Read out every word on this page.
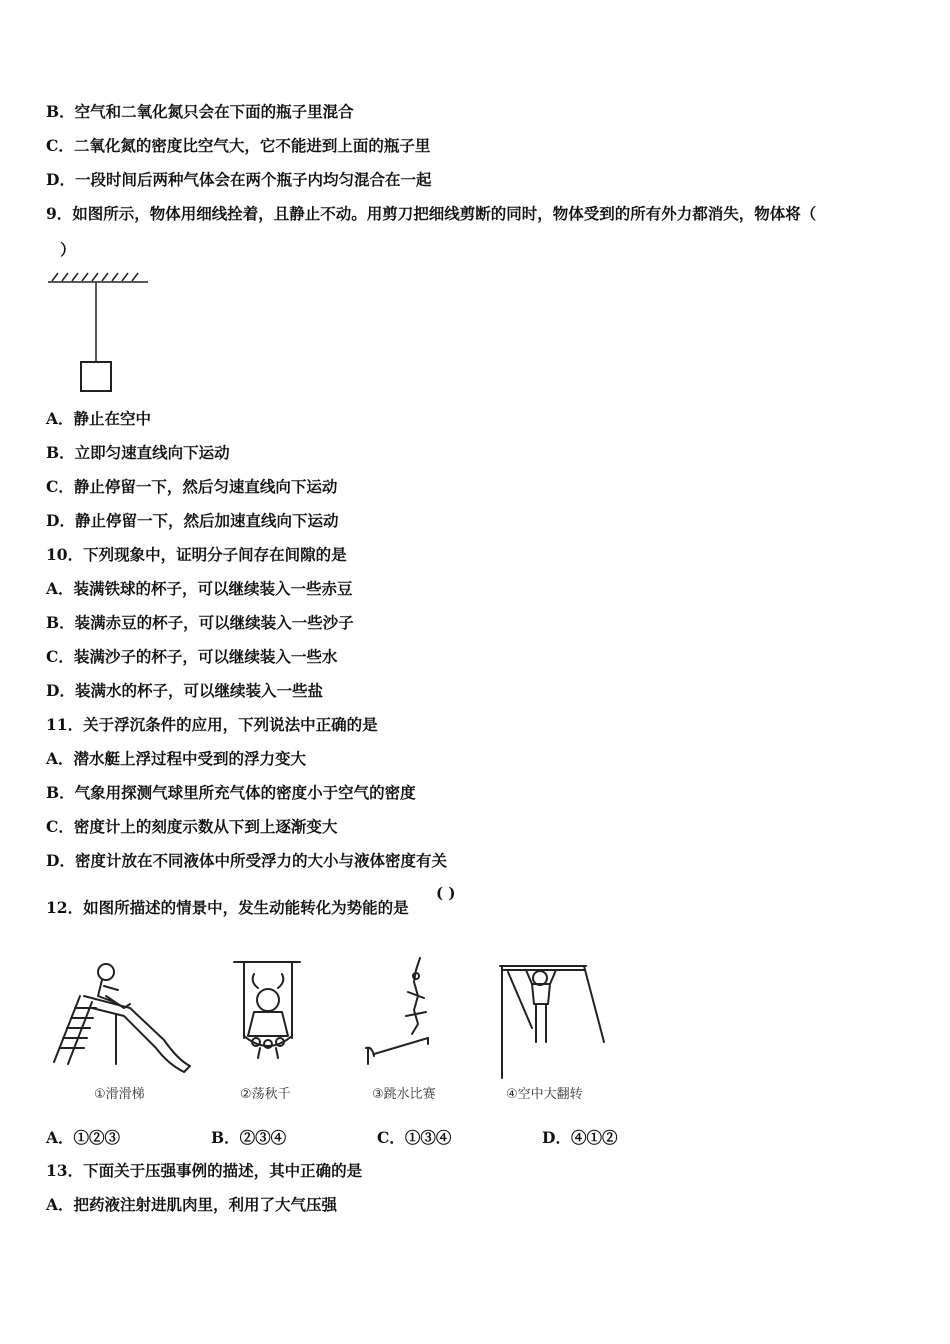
B．空气和二氧化氮只会在下面的瓶子里混合
C．二氧化氮的密度比空气大，它不能进到上面的瓶子里
D．一段时间后两种气体会在两个瓶子内均匀混合在一起
9．如图所示，物体用细线拴着，且静止不动。用剪刀把细线剪断的同时，物体受到的所有外力都消失，物体将（
）
A．静止在空中
B．立即匀速直线向下运动
C．静止停留一下，然后匀速直线向下运动
D．静止停留一下，然后加速直线向下运动
10．下列现象中，证明分子间存在间隙的是
A．装满铁球的杯子，可以继续装入一些赤豆
B．装满赤豆的杯子，可以继续装入一些沙子
C．装满沙子的杯子，可以继续装入一些水
D．装满水的杯子，可以继续装入一些盐
11．关于浮沉条件的应用，下列说法中正确的是
A．潜水艇上浮过程中受到的浮力变大
B．气象用探测气球里所充气体的密度小于空气的密度
C．密度计上的刻度示数从下到上逐渐变大
D．密度计放在不同液体中所受浮力的大小与液体密度有关
12．如图所描述的情景中，发生动能转化为势能的是
( )
①滑滑梯	②荡秋千	③跳水比赛	④空中大翻转
A．①②③	B．②③④	C．①③④	D．④①②
13．下面关于压强事例的描述，其中正确的是
A．把药液注射进肌肉里，利用了大气压强
